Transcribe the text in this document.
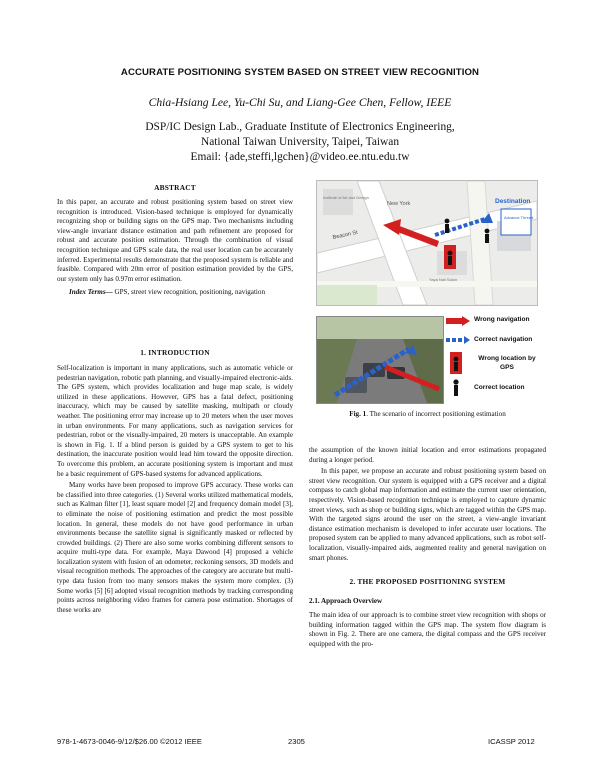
ACCURATE POSITIONING SYSTEM BASED ON STREET VIEW RECOGNITION
Chia-Hsiang Lee, Yu-Chi Su, and Liang-Gee Chen, Fellow, IEEE
DSP/IC Design Lab., Graduate Institute of Electronics Engineering,
National Taiwan University, Taipei, Taiwan
Email: {ade,steffi,lgchen}@video.ee.ntu.edu.tw
ABSTRACT

In this paper, an accurate and robust positioning system based on street view recognition is introduced. Vision-based technique is employed for dynamically recognizing shop or building signs on the GPS map. Two mechanisms including view-angle invariant distance estimation and path refinement are proposed for robust and accurate position estimation. Through the combination of visual recognition technique and GPS scale data, the real user location can be accurately inferred. Experimental results demonstrate that the proposed system is reliable and feasible. Compared with 20m error of position estimation provided by the GPS, our system only has 0.97m error estimation.

Index Terms— GPS, street view recognition, positioning, navigation

1. INTRODUCTION

Self-localization is important in many applications, such as automatic vehicle or pedestrian navigation, robotic path planning, and visually-impaired electronic-aids. The GPS system, which provides localization and huge map scale, is widely utilized in these applications. However, GPS has a fatal defect, positioning inaccuracy, which may be caused by satellite masking, multipath or cloudy weather. The positioning error may increase up to 20 meters when the user moves in urban environments. For many applications, such as navigation services for pedestrian, robot or the visually-impaired, 20 meters is unacceptable. An example is shown in Fig. 1. If a blind person is guided by a GPS system to get to his destination, the inaccurate position would lead him toward the opposite direction. To overcome this problem, an accurate positioning system is important and must be a basic requirement of GPS-based systems for advanced applications.

Many works have been proposed to improve GPS accuracy. These works can be classified into three categories. (1) Several works utilized mathematical models, such as Kalman filter [1], least square model [2] and frequency domain model [3], to eliminate the noise of positioning estimation and predict the most possible location. In general, these models do not have good performance in urban environments because the satellite signal is significantly masked or reflected by crowded buildings. (2) There are also some works combining different sensors to acquire multi-type data. For example, Maya Dawood [4] proposed a vehicle localization system with fusion of an odometer, reckoning sensors, 3D models and visual recognition methods. The approaches of the category are accurate but multi-type data fusion from too many sensors makes the system more complex. (3) Some works [5] [6] adopted visual recognition methods by tracking corresponding points across neighboring video frames for camera pose estimation. Shortages of these works are

New York
Beacon St
Institute of Art and Design
Yaya Nail Salon
Advance Thread
Destination
Wrong navigation
Correct navigation
Wrong location by GPS
Correct location
Fig. 1. The scenario of incorrect positioning estimation

the assumption of the known initial location and error estimations propagated during a longer period.

In this paper, we propose an accurate and robust positioning system based on street view recognition. Our system is equipped with a GPS receiver and a digital compass to catch global map information and estimate the current user orientation, respectively. Vision-based recognition technique is employed to capture dynamic street views, such as shop or building signs, which are tagged within the GPS map. With the targeted signs around the user on the street, a view-angle invariant distance estimation mechanism is developed to infer accurate user locations. The proposed system can be applied to many advanced applications, such as robot self-localization, visually-impaired aids, augmented reality and general navigation on smart phones.

2. THE PROPOSED POSITIONING SYSTEM
2.1. Approach Overview

The main idea of our approach is to combine street view recognition with shops or building information tagged within the GPS map. The system flow diagram is shown in Fig. 2. There are one camera, the digital compass and the GPS receiver equipped with the pro-

978-1-4673-0046-9/12/$26.00 ©2012 IEEE	2305	ICASSP 2012
